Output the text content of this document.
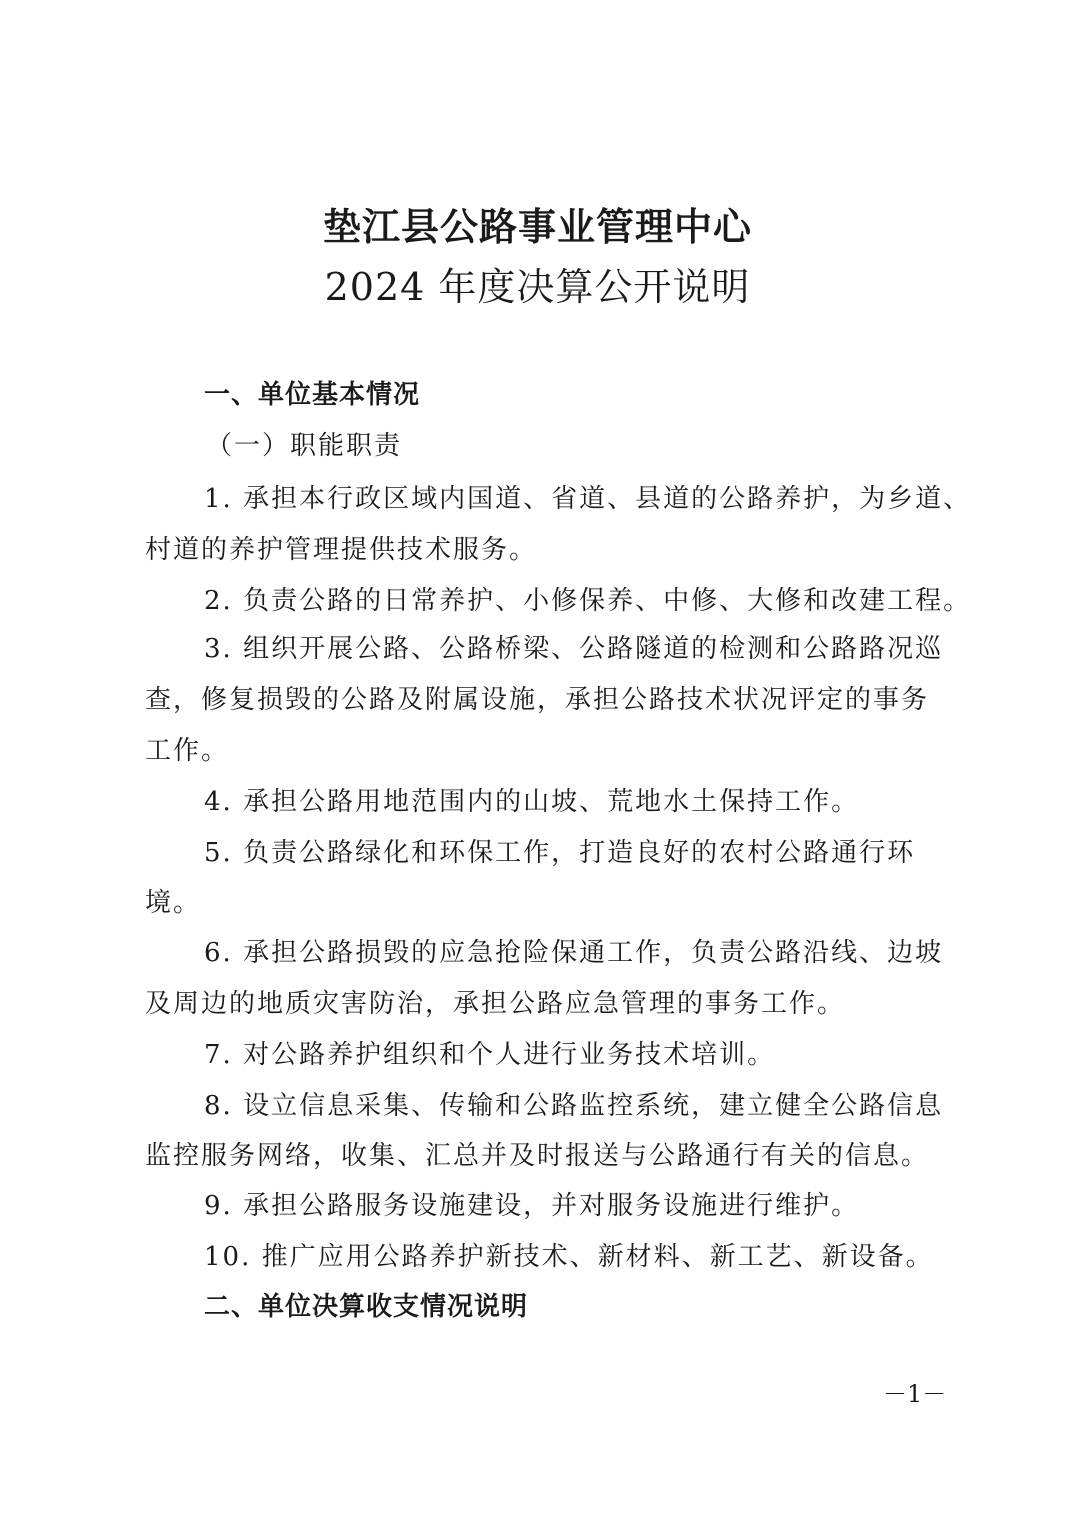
垫江县公路事业管理中心
2024 年度决算公开说明
一、单位基本情况
（一）职能职责
1. 承担本行政区域内国道、省道、县道的公路养护，为乡道、
村道的养护管理提供技术服务。
2. 负责公路的日常养护、小修保养、中修、大修和改建工程。
3. 组织开展公路、公路桥梁、公路隧道的检测和公路路况巡
查，修复损毁的公路及附属设施，承担公路技术状况评定的事务
工作。
4. 承担公路用地范围内的山坡、荒地水土保持工作。
5. 负责公路绿化和环保工作，打造良好的农村公路通行环
境。
6. 承担公路损毁的应急抢险保通工作，负责公路沿线、边坡
及周边的地质灾害防治，承担公路应急管理的事务工作。
7. 对公路养护组织和个人进行业务技术培训。
8. 设立信息采集、传输和公路监控系统，建立健全公路信息
监控服务网络，收集、汇总并及时报送与公路通行有关的信息。
9. 承担公路服务设施建设，并对服务设施进行维护。
10. 推广应用公路养护新技术、新材料、新工艺、新设备。
二、单位决算收支情况说明
－1－
